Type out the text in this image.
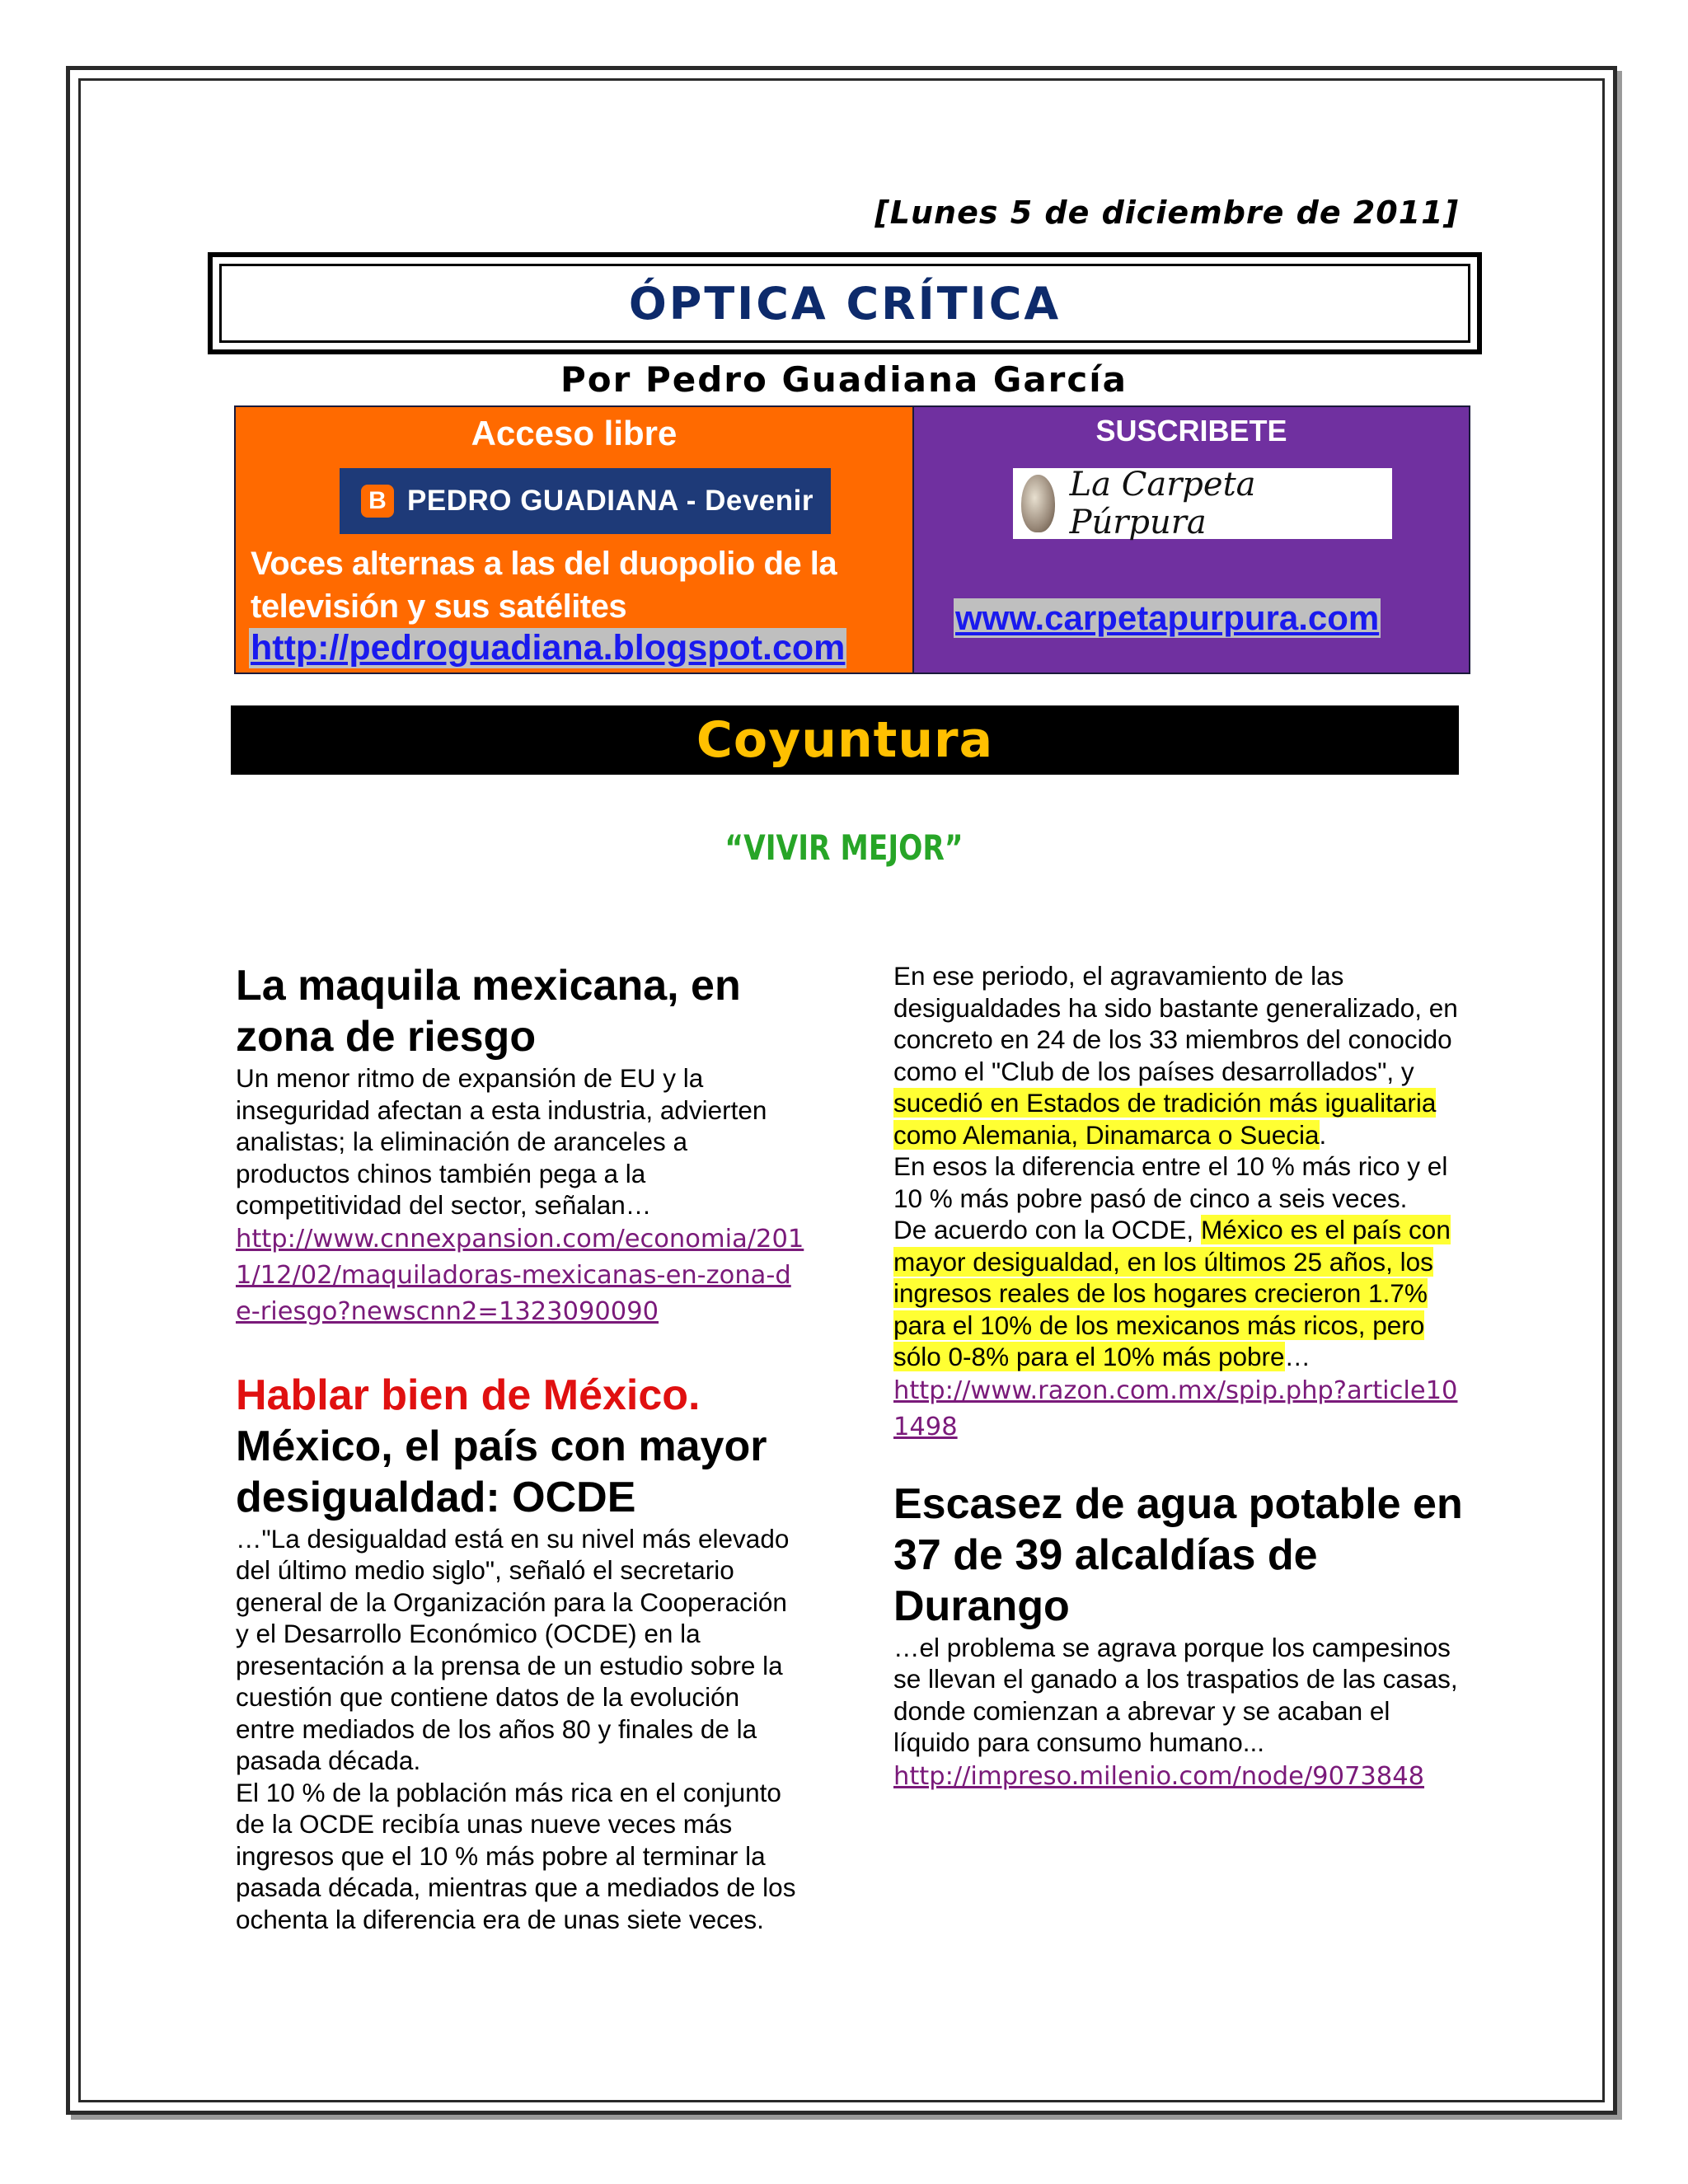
[Lunes 5 de diciembre de 2011]
ÓPTICA CRÍTICA
Por Pedro Guadiana García
Acceso libre
B PEDRO GUADIANA - Devenir
Voces alternas a las del duopolio de la televisión y sus satélites
http://pedroguadiana.blogspot.com
SUSCRIBETE
La Carpeta Púrpura
www.carpetapurpura.com
Coyuntura
“VIVIR MEJOR”
La maquila mexicana, en zona de riesgo

Un menor ritmo de expansión de EU y la inseguridad afectan a esta industria, advierten analistas; la eliminación de aranceles a productos chinos también pega a la competitividad del sector, señalan…

http://www.cnnexpansion.com/economia/2011/12/02/maquiladoras-mexicanas-en-zona-de-riesgo?newscnn2=1323090090
Hablar bien de México.
México, el país con mayor desigualdad: OCDE

…"La desigualdad está en su nivel más elevado del último medio siglo", señaló el secretario general de la Organización para la Cooperación y el Desarrollo Económico (OCDE) en la presentación a la prensa de un estudio sobre la cuestión que contiene datos de la evolución entre mediados de los años 80 y finales de la pasada década.

El 10 % de la población más rica en el conjunto de la OCDE recibía unas nueve veces más ingresos que el 10 % más pobre al terminar la pasada década, mientras que a mediados de los ochenta la diferencia era de unas siete veces.

En ese periodo, el agravamiento de las desigualdades ha sido bastante generalizado, en concreto en 24 de los 33 miembros del conocido como el "Club de los países desarrollados", y sucedió en Estados de tradición más igualitaria como Alemania, Dinamarca o Suecia.

En esos la diferencia entre el 10 % más rico y el 10 % más pobre pasó de cinco a seis veces.

De acuerdo con la OCDE, México es el país con mayor desigualdad, en los últimos 25 años, los ingresos reales de los hogares crecieron 1.7% para el 10% de los mexicanos más ricos, pero sólo 0-8% para el 10% más pobre…

http://www.razon.com.mx/spip.php?article101498
Escasez de agua potable en 37 de 39 alcaldías de Durango

…el problema se agrava porque los campesinos se llevan el ganado a los traspatios de las casas, donde comienzan a abrevar y se acaban el líquido para consumo humano...

http://impreso.milenio.com/node/9073848
